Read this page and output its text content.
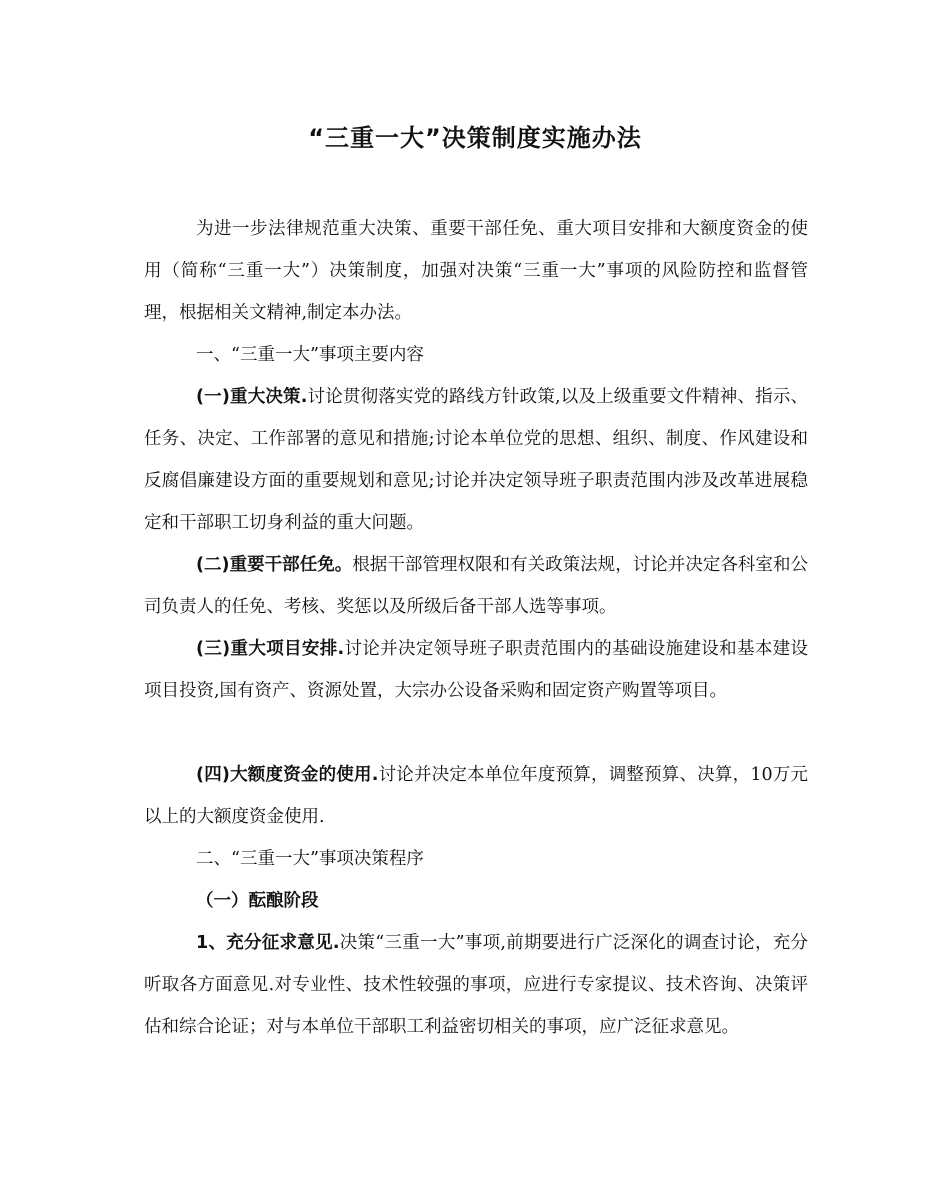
“三重一大”决策制度实施办法
为进一步法律规范重大决策、重要干部任免、重大项目安排和大额度资金的使用（简称“三重一大”）决策制度，加强对决策“三重一大”事项的风险防控和监督管理，根据相关文精神,制定本办法。
一、“三重一大”事项主要内容
(一)重大决策.讨论贯彻落实党的路线方针政策,以及上级重要文件精神、指示、任务、决定、工作部署的意见和措施;讨论本单位党的思想、组织、制度、作风建设和反腐倡廉建设方面的重要规划和意见;讨论并决定领导班子职责范围内涉及改革进展稳定和干部职工切身利益的重大问题。
(二)重要干部任免。根据干部管理权限和有关政策法规，讨论并决定各科室和公司负责人的任免、考核、奖惩以及所级后备干部人选等事项。
(三)重大项目安排.讨论并决定领导班子职责范围内的基础设施建设和基本建设项目投资,国有资产、资源处置，大宗办公设备采购和固定资产购置等项目。
(四)大额度资金的使用.讨论并决定本单位年度预算，调整预算、决算，10万元以上的大额度资金使用.
二、“三重一大”事项决策程序
（一）酝酿阶段
1、充分征求意见.决策“三重一大”事项,前期要进行广泛深化的调查讨论，充分听取各方面意见.对专业性、技术性较强的事项，应进行专家提议、技术咨询、决策评估和综合论证；对与本单位干部职工利益密切相关的事项，应广泛征求意见。
